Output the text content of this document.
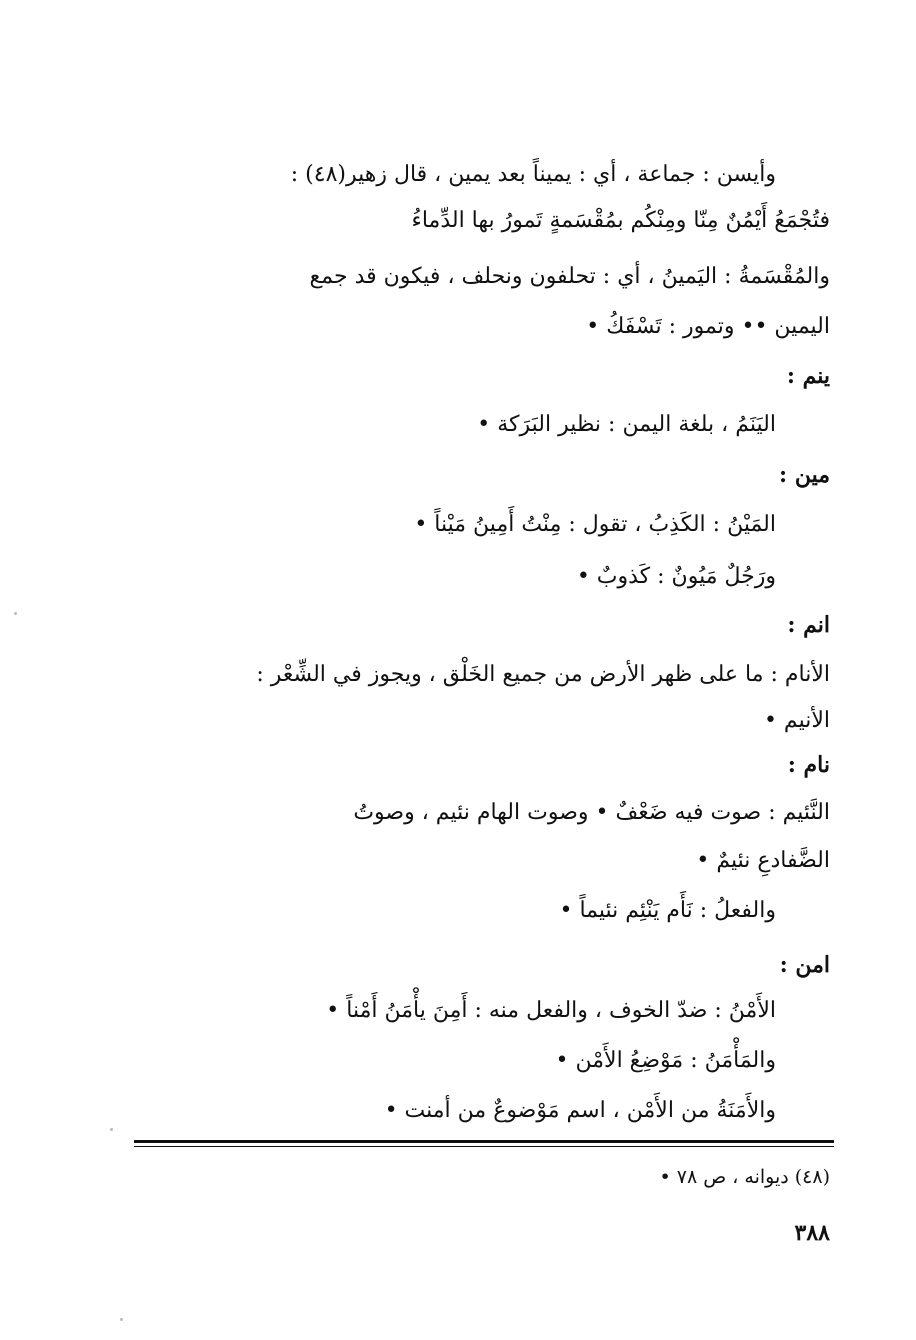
وأيسن : جماعة ، أي : يميناً بعد يمين ، قال زهير(٤٨) :
فتُجْمَعُ أَيْمُنٌ مِنّا ومِنْكُم بمُقْسَمةٍ تَمورُ بها الدِّماءُ
والمُقْسَمةُ : اليَمينُ ، أي : تحلفون ونحلف ، فيكون قد جمع
اليمين •• وتمور : تَسْفَكُ •
ينم :
اليَنَمُ ، بلغة اليمن : نظير البَرَكة •
مين :
المَيْنُ : الكَذِبُ ، تقول : مِنْتُ أَمِينُ مَيْناً •
ورَجُلٌ مَيُونٌ : كَذوبٌ •
انم :
الأنام : ما على ظهر الأرض من جميع الخَلْق ، ويجوز في الشِّعْر :
الأنيم •
نام :
النَّئيم : صوت فيه ضَعْفٌ • وصوت الهام نئيم ، وصوتُ
الضَّفادعِ نئيمٌ •
والفعلُ : نَأَم يَنْئِم نئيماً •
امن :
الأَمْنُ : ضدّ الخوف ، والفعل منه : أَمِنَ يأْمَنُ أَمْناً •
والمَأْمَنُ : مَوْضِعُ الأَمْن •
والأَمَنَةُ من الأَمْن ، اسم مَوْضوعٌ من أمنت •
(٤٨) ديوانه ، ص ٧٨ •
٣٨٨
